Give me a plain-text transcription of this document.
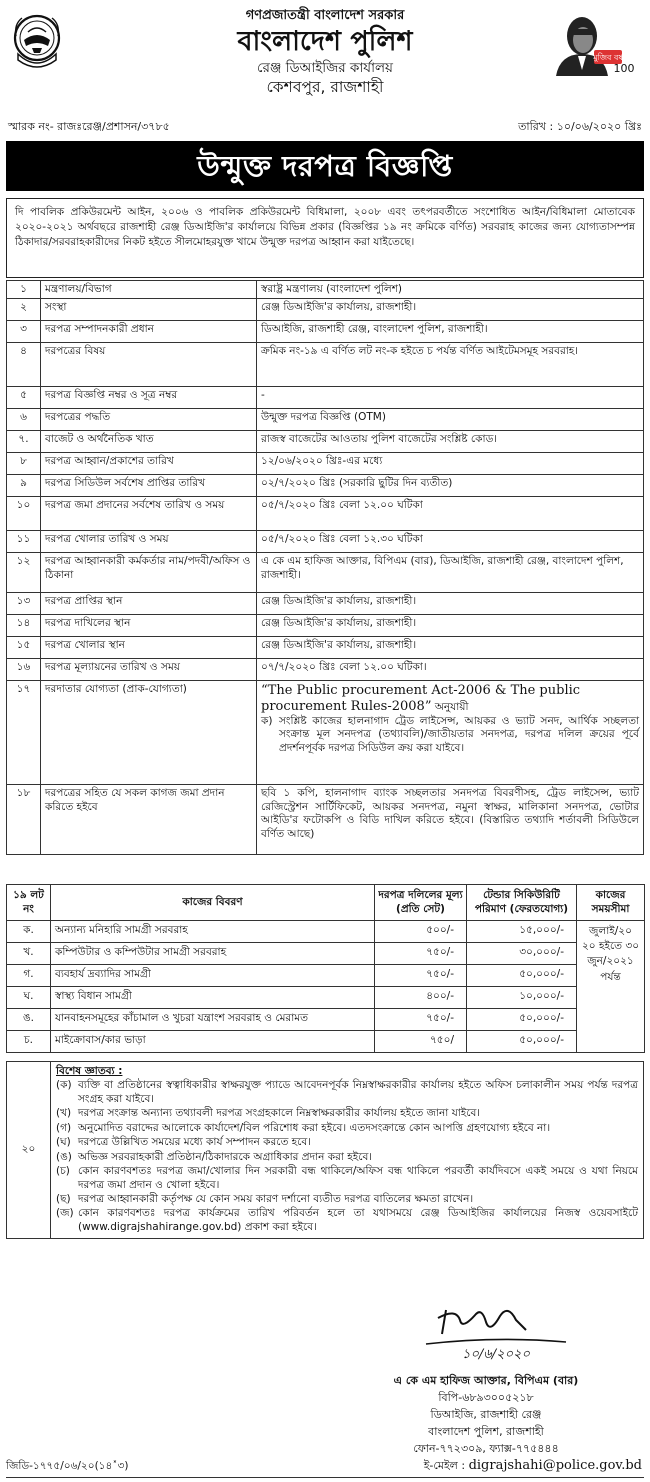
গণপ্রজাতন্ত্রী বাংলাদেশ সরকার
বাংলাদেশ পুলিশ
রেঞ্জ ডিআইজির কার্যালয়
কেশবপুর, রাজশাহী
মুজিব বর্ষ
100
স্মারক নং- রাজঃরেঞ্জ/প্রশাসন/৩৭৮৫	তারিখ : ১০/০৬/২০২০ খ্রিঃ
উন্মুক্ত দরপত্র বিজ্ঞপ্তি
দি পাবলিক প্রকিউরমেন্ট আইন, ২০০৬ ও পাবলিক প্রকিউরমেন্ট বিধিমালা, ২০০৮ এবং তৎপরবর্তীতে সংশোধিত আইন/বিধিমালা মোতাবেক ২০২০-২০২১ অর্থবছরে রাজশাহী রেঞ্জ ডিআইজি'র কার্যালয়ে বিভিন্ন প্রকার (বিজ্ঞপ্তির ১৯ নং ক্রমিকে বর্ণিত) সরবরাহ কাজের জন্য যোগ্যতাসম্পন্ন ঠিকাদার/সরবরাহকারীদের নিকট হইতে সীলমোহরযুক্ত খামে উন্মুক্ত দরপত্র আহ্বান করা যাইতেছে।
১	মন্ত্রণালয়/বিভাগ	স্বরাষ্ট্র মন্ত্রণালয় (বাংলাদেশ পুলিশ)
২	সংস্থা	রেঞ্জ ডিআইজি'র কার্যালয়, রাজশাহী।
৩	দরপত্র সম্পাদনকারী প্রধান	ডিআইজি, রাজশাহী রেঞ্জ, বাংলাদেশ পুলিশ, রাজশাহী।
৪	দরপত্রের বিষয়	ক্রমিক নং-১৯ এ বর্ণিত লট নং-ক হইতে চ পর্যন্ত বর্ণিত আইটেমসমূহ সরবরাহ।
৫	দরপত্র বিজ্ঞপ্তি নম্বর ও সূত্র নম্বর	-
৬	দরপত্রের পদ্ধতি	উন্মুক্ত দরপত্র বিজ্ঞপ্তি (OTM)
৭.	বাজেট ও অর্থনৈতিক খাত	রাজস্ব বাজেটের আওতায় পুলিশ বাজেটের সংশ্লিষ্ট কোড।
৮	দরপত্র আহ্বান/প্রকাশের তারিখ	১২/০৬/২০২০ খ্রিঃ-এর মধ্যে
৯	দরপত্র সিডিউল সর্বশেষ প্রাপ্তির তারিখ	০২/৭/২০২০ খ্রিঃ (সরকারি ছুটির দিন ব্যতীত)
১০	দরপত্র জমা প্রদানের সর্বশেষ তারিখ ও সময়	০৫/৭/২০২০ খ্রিঃ বেলা ১২.০০ ঘটিকা
১১	দরপত্র খোলার তারিখ ও সময়	০৫/৭/২০২০ খ্রিঃ বেলা ১২.৩০ ঘটিকা
১২	দরপত্র আহ্বানকারী কর্মকর্তার নাম/পদবী/অফিস ও ঠিকানা	এ কে এম হাফিজ আক্তার, বিপিএম (বার), ডিআইজি, রাজশাহী রেঞ্জ, বাংলাদেশ পুলিশ, রাজশাহী।
১৩	দরপত্র প্রাপ্তির স্থান	রেঞ্জ ডিআইজি'র কার্যালয়, রাজশাহী।
১৪	দরপত্র দাখিলের স্থান	রেঞ্জ ডিআইজি'র কার্যালয়, রাজশাহী।
১৫	দরপত্র খোলার স্থান	রেঞ্জ ডিআইজি'র কার্যালয়, রাজশাহী।
১৬	দরপত্র মূল্যায়নের তারিখ ও সময়	০৭/৭/২০২০ খ্রিঃ বেলা ১২.০০ ঘটিকা।
১৭	দরদাতার যোগ্যতা (প্রাক-যোগ্যতা)	“The Public procurement Act-2006 & The public procurement Rules-2008” অনুযায়ী
ক) সংশ্লিষ্ট কাজের হালনাগাদ ট্রেড লাইসেন্স, আয়কর ও ভ্যাট সনদ, আর্থিক সচ্ছলতা সংক্রান্ত মূল সনদপত্র (তথ্যাবলি)/জাতীয়তার সনদপত্র, দরপত্র দলিল ক্রয়ের পূর্বে প্রদর্শনপূর্বক দরপত্র সিডিউল ক্রয় করা যাইবে।

১৮	দরপত্রের সহিত যে সকল কাগজ জমা প্রদান করিতে হইবে	ছবি ১ কপি, হালনাগাদ ব্যাংক সচ্ছলতার সনদপত্র বিবরণীসহ, ট্রেড লাইসেন্স, ভ্যাট রেজিস্ট্রেশন সার্টিফিকেট, আয়কর সনদপত্র, নমুনা স্বাক্ষর, মালিকানা সনদপত্র, ভোটার আইডি'র ফটোকপি ও বিডি দাখিল করিতে হইবে। (বিস্তারিত তথ্যাদি শর্তাবলী সিডিউলে বর্ণিত আছে)
১৯ লট নং	কাজের বিবরণ	দরপত্র দলিলের মূল্য (প্রতি সেট)	টেন্ডার সিকিউরিটি পরিমাণ (ফেরতযোগ্য)	কাজের সময়সীমা
ক.	অন্যান্য মনিহারি সামগ্রী সরবরাহ	৫০০/-	১৫,০০০/-	জুলাই/২০ ২০ হইতে ৩০ জুন/২০২১ পর্যন্ত
খ.	কম্পিউটার ও কম্পিউটার সামগ্রী সরবরাহ	৭৫০/-	৩০,০০০/-	
গ.	ব্যবহার্য দ্রব্যাদির সামগ্রী	৭৫০/-	৫০,০০০/-	
ঘ.	স্বাস্থ্য বিধান সামগ্রী	৪০০/-	১০,০০০/-	
ঙ.	যানবাহনসমূহের কাঁচামাল ও খুচরা যন্ত্রাংশ সরবরাহ ও মেরামত	৭৫০/-	৫০,০০০/-	
চ.	মাইক্রোবাস/কার ভাড়া	৭৫০/	৫০,০০০/-	
২০	
বিশেষ জ্ঞাতব্য :
(ক) ব্যক্তি বা প্রতিষ্ঠানের স্বত্বাধিকারীর স্বাক্ষরযুক্ত প্যাডে আবেদনপূর্বক নিম্নস্বাক্ষরকারীর কার্যালয় হইতে অফিস চলাকালীন সময় পর্যন্ত দরপত্র সংগ্রহ করা যাইবে।
(খ) দরপত্র সংক্রান্ত অন্যান্য তথ্যাবলী দরপত্র সংগ্রহকালে নিম্নস্বাক্ষরকারীর কার্যালয় হইতে জানা যাইবে।
(গ) অনুমোদিত বরাদ্দের আলোকে কার্যাদেশ/বিল পরিশোধ করা হইবে। এতদসংক্রান্তে কোন আপত্তি গ্রহণযোগ্য হইবে না।
(ঘ) দরপত্রে উল্লিখিত সময়ের মধ্যে কার্য সম্পাদন করতে হবে।
(ঙ) অভিজ্ঞ সরবরাহকারী প্রতিষ্ঠান/ঠিকাদারকে অগ্রাধিকার প্রদান করা হইবে।
(চ) কোন কারণবশতঃ দরপত্র জমা/খোলার দিন সরকারী বন্ধ থাকিলে/অফিস বন্ধ থাকিলে পরবর্তী কার্যদিবসে একই সময়ে ও যথা নিয়মে দরপত্র জমা প্রদান ও খোলা হইবে।
(ছ) দরপত্র আহ্বানকারী কর্তৃপক্ষ যে কোন সময় কারণ দর্শানো ব্যতীত দরপত্র বাতিলের ক্ষমতা রাখেন।
(জ) কোন কারণবশতঃ দরপত্র কার্যক্রমের তারিখ পরিবর্তন হলে তা যথাসময়ে রেঞ্জ ডিআইজির কার্যালয়ের নিজস্ব ওয়েবসাইটে (www.digrajshahirange.gov.bd) প্রকাশ করা হইবে।
১০/৬/২০২০
এ কে এম হাফিজ আক্তার, বিপিএম (বার)
বিপি-৬৮৯৩০০৫২১৮
ডিআইজি, রাজশাহী রেঞ্জ
বাংলাদেশ পুলিশ, রাজশাহী
ফোন-৭৭২৩০৯, ফ্যাক্স-৭৭৫৪৪৪
জিডি-১৭৭৫/০৬/২০(১৪˟৩)	ই-মেইল : digrajshahi@police.gov.bd
